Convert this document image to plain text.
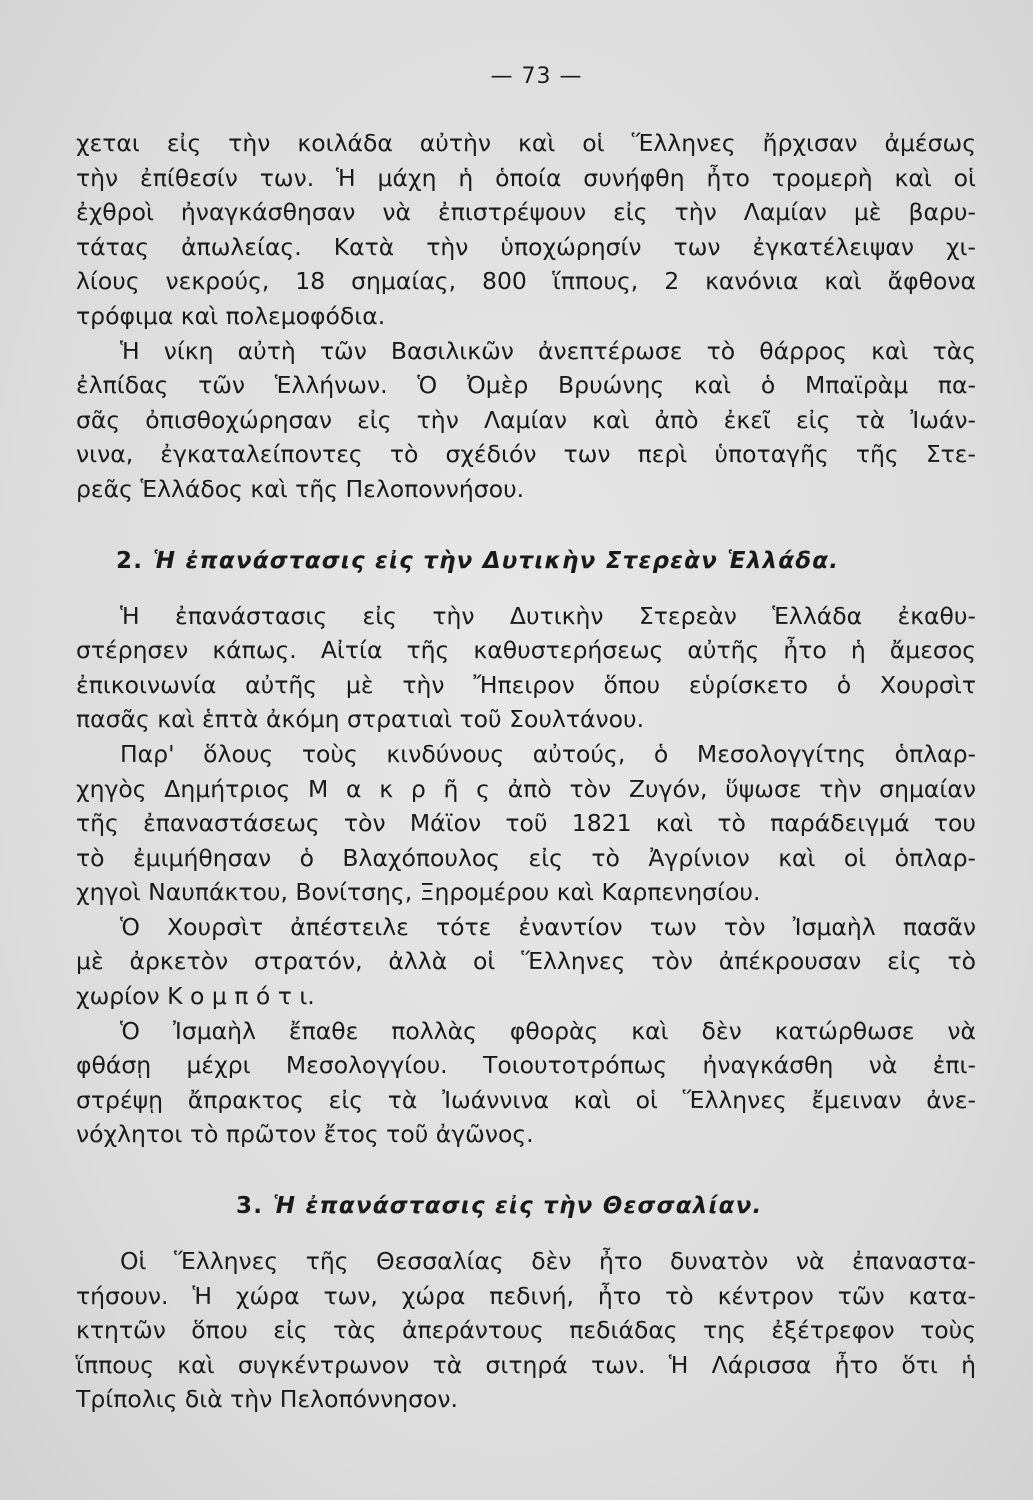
— 73 —
χεται εἰς τὴν κοιλάδα αὐτὴν καὶ οἱ Ἕλληνες ἤρχισαν ἀμέσως
τὴν ἐπίθεσίν των. Ἡ μάχη ἡ ὁποία συνήφθη ἦτο τρομερὴ καὶ οἱ
ἐχθροὶ ἠναγκάσθησαν νὰ ἐπιστρέψουν εἰς τὴν Λαμίαν μὲ βαρυ-
τάτας ἀπωλείας. Κατὰ τὴν ὑποχώρησίν των ἐγκατέλειψαν χι-
λίους νεκρούς, 18 σημαίας, 800 ἵππους, 2 κανόνια καὶ ἄφθονα
τρόφιμα καὶ πολεμοφόδια.
Ἡ νίκη αὐτὴ τῶν Βασιλικῶν ἀνεπτέρωσε τὸ θάρρος καὶ τὰς
ἐλπίδας τῶν Ἑλλήνων. Ὁ Ὀμὲρ Βρυώνης καὶ ὁ Μπαϊρὰμ πα-
σᾶς ὀπισθοχώρησαν εἰς τὴν Λαμίαν καὶ ἀπὸ ἐκεῖ εἰς τὰ Ἰωάν-
νινα, ἐγκαταλείποντες τὸ σχέδιόν των περὶ ὑποταγῆς τῆς Στε-
ρεᾶς Ἑλλάδος καὶ τῆς Πελοποννήσου.
2. Ἡ ἐπανάστασις εἰς τὴν Δυτικὴν Στερεὰν Ἑλλάδα.
Ἡ ἐπανάστασις εἰς τὴν Δυτικὴν Στερεὰν Ἑλλάδα ἐκαθυ-
στέρησεν κάπως. Αἰτία τῆς καθυστερήσεως αὐτῆς ἦτο ἡ ἄμεσος
ἐπικοινωνία αὐτῆς μὲ τὴν Ἤπειρον ὅπου εὑρίσκετο ὁ Χουρσὶτ
πασᾶς καὶ ἑπτὰ ἀκόμη στρατιαὶ τοῦ Σουλτάνου.
Παρ' ὅλους τοὺς κινδύνους αὐτούς, ὁ Μεσολογγίτης ὁπλαρ-
χηγὸς Δημήτριος Μ α κ ρ ῆ ς ἀπὸ τὸν Ζυγόν, ὕψωσε τὴν σημαίαν
τῆς ἐπαναστάσεως τὸν Μάϊον τοῦ 1821 καὶ τὸ παράδειγμά του
τὸ ἐμιμήθησαν ὁ Βλαχόπουλος εἰς τὸ Ἀγρίνιον καὶ οἱ ὁπλαρ-
χηγοὶ Ναυπάκτου, Βονίτσης, Ξηρομέρου καὶ Καρπενησίου.
Ὁ Χουρσὶτ ἀπέστειλε τότε ἐναντίον των τὸν Ἰσμαὴλ πασᾶν
μὲ ἀρκετὸν στρατόν, ἀλλὰ οἱ Ἕλληνες τὸν ἀπέκρουσαν εἰς τὸ
χωρίον Κ ο μ π ό τ ι.
Ὁ Ἰσμαὴλ ἔπαθε πολλὰς φθορὰς καὶ δὲν κατώρθωσε νὰ
φθάσῃ μέχρι Μεσολογγίου. Τοιουτοτρόπως ἠναγκάσθη νὰ ἐπι-
στρέψῃ ἄπρακτος εἰς τὰ Ἰωάννινα καὶ οἱ Ἕλληνες ἔμειναν ἀνε-
νόχλητοι τὸ πρῶτον ἔτος τοῦ ἀγῶνος.
3. Ἡ ἐπανάστασις εἰς τὴν Θεσσαλίαν.
Οἱ Ἕλληνες τῆς Θεσσαλίας δὲν ἦτο δυνατὸν νὰ ἐπαναστα-
τήσουν. Ἡ χώρα των, χώρα πεδινή, ἦτο τὸ κέντρον τῶν κατα-
κτητῶν ὅπου εἰς τὰς ἀπεράντους πεδιάδας της ἐξέτρεφον τοὺς
ἵππους καὶ συγκέντρωνον τὰ σιτηρά των. Ἡ Λάρισσα ἦτο ὅτι ἡ
Τρίπολις διὰ τὴν Πελοπόννησον.
